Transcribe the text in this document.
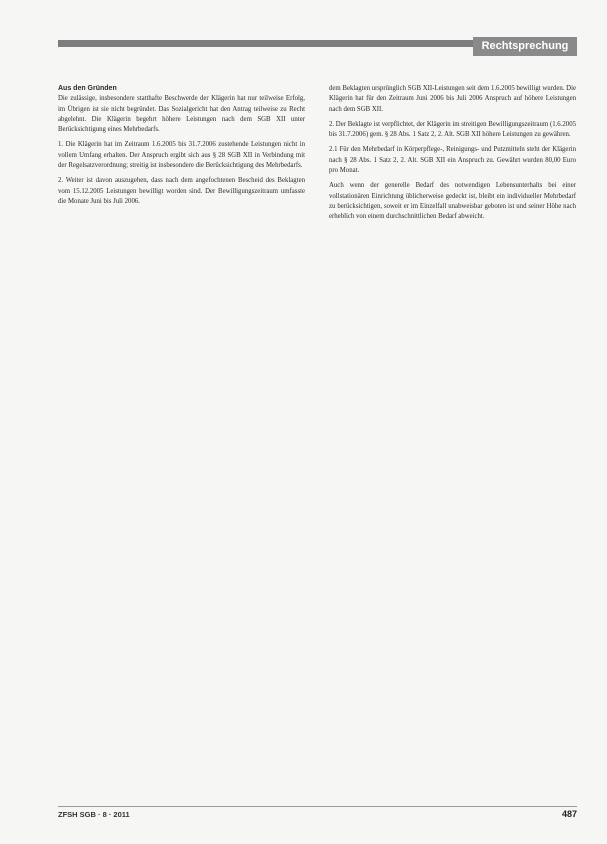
Rechtsprechung

Aus den Gründen

Die zulässige, insbesondere statthafte Beschwerde der Klägerin hat nur teilweise Erfolg, im Übrigen ist sie nicht begründet. Das Sozialgericht hat den Antrag teilweise zu Recht abgelehnt. Die Klägerin begehrt höhere Leistungen nach dem SGB XII unter Berücksichtigung eines Mehrbedarfs.

1. Die Klägerin hat im Zeitraum 1.6.2005 bis 31.7.2006 zustehende Leistungen nicht in vollem Umfang erhalten. Der Anspruch ergibt sich aus § 28 SGB XII in Verbindung mit der Regelsatzverordnung; streitig ist insbesondere die Berücksichtigung des Mehrbedarfs.

2. Weiter ist davon auszugehen, dass nach dem angefochtenen Bescheid des Beklagten vom 15.12.2005 Leistungen bewilligt worden sind. Der Bewilligungszeitraum umfasste die Monate Juni bis Juli 2006.

dem Beklagten ursprünglich SGB XII-Leistungen seit dem 1.6.2005 bewilligt wurden. Die Klägerin hat für den Zeitraum Juni 2006 bis Juli 2006 Anspruch auf höhere Leistungen nach dem SGB XII.

2. Der Beklagte ist verpflichtet, der Klägerin im streitigen Bewilligungszeitraum (1.6.2005 bis 31.7.2006) gem. § 28 Abs. 1 Satz 2, 2. Alt. SGB XII höhere Leistungen zu gewähren.

2.1 Für den Mehrbedarf in Körperpflege-, Reinigungs- und Putzmitteln steht der Klägerin nach § 28 Abs. 1 Satz 2, 2. Alt. SGB XII ein Anspruch zu. Gewährt wurden 80,00 Euro pro Monat.

Auch wenn der generelle Bedarf des notwendigen Lebensunterhalts bei einer vollstationären Einrichtung üblicherweise gedeckt ist, bleibt ein individueller Mehrbedarf zu berücksichtigen, soweit er im Einzelfall unabweisbar geboten ist und seiner Höhe nach erheblich von einem durchschnittlichen Bedarf abweicht.

ZFSH SGB · 8 · 2011	487
